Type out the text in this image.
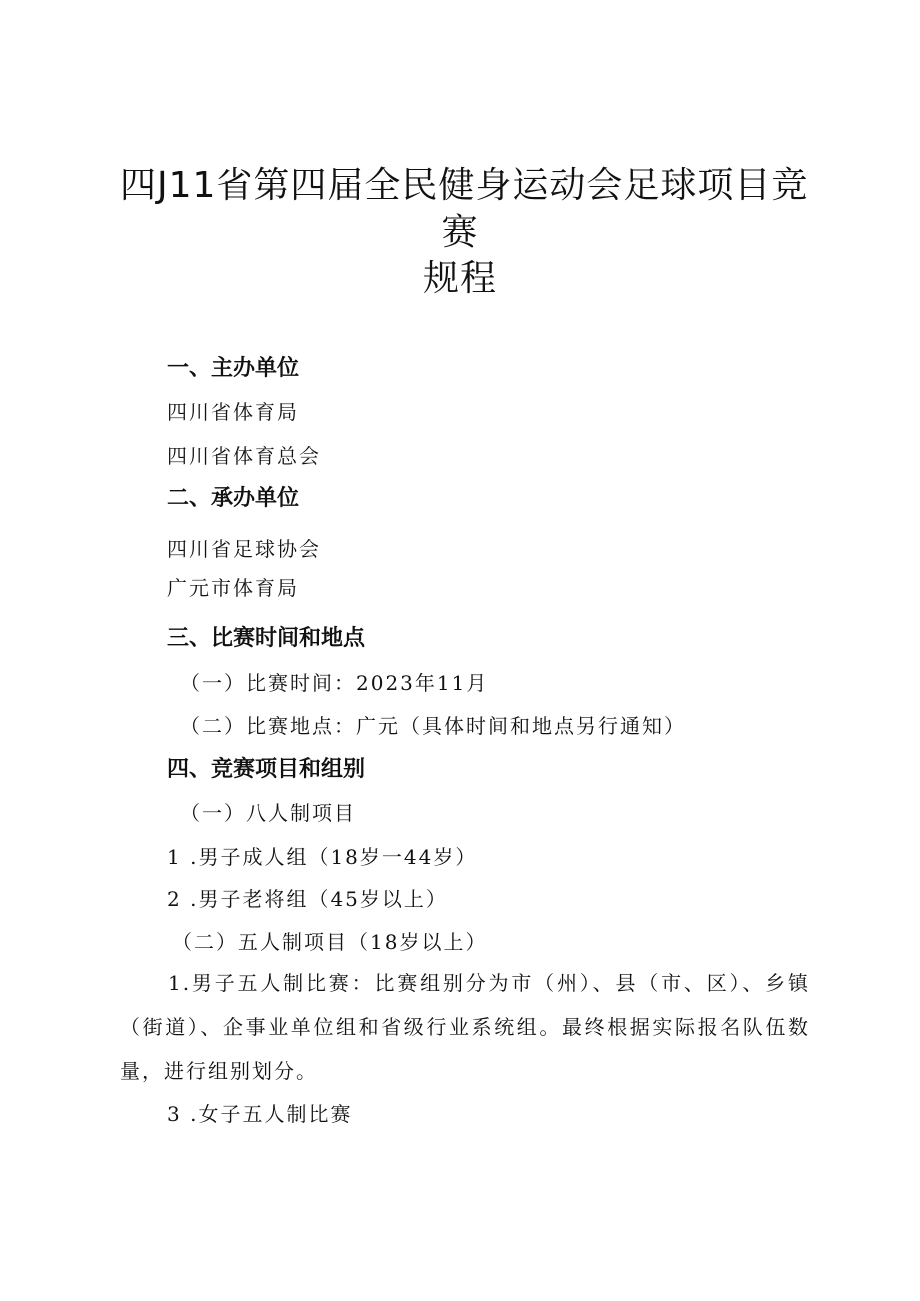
四J11省第四届全民健身运动会足球项目竞
赛
规程
一、主办单位
四川省体育局
四川省体育总会
二、承办单位
四川省足球协会
广元市体育局
三、比赛时间和地点
（一）比赛时间：2023年11月
（二）比赛地点：广元（具体时间和地点另行通知）
四、竞赛项目和组别
（一）八人制项目
1 .男子成人组（18岁一44岁）
2 .男子老将组（45岁以上）
（二）五人制项目（18岁以上）
1.男子五人制比赛：比赛组别分为市（州）、县（市、区）、乡镇（街道）、企事业单位组和省级行业系统组。最终根据实际报名队伍数量，进行组别划分。
3 .女子五人制比赛
